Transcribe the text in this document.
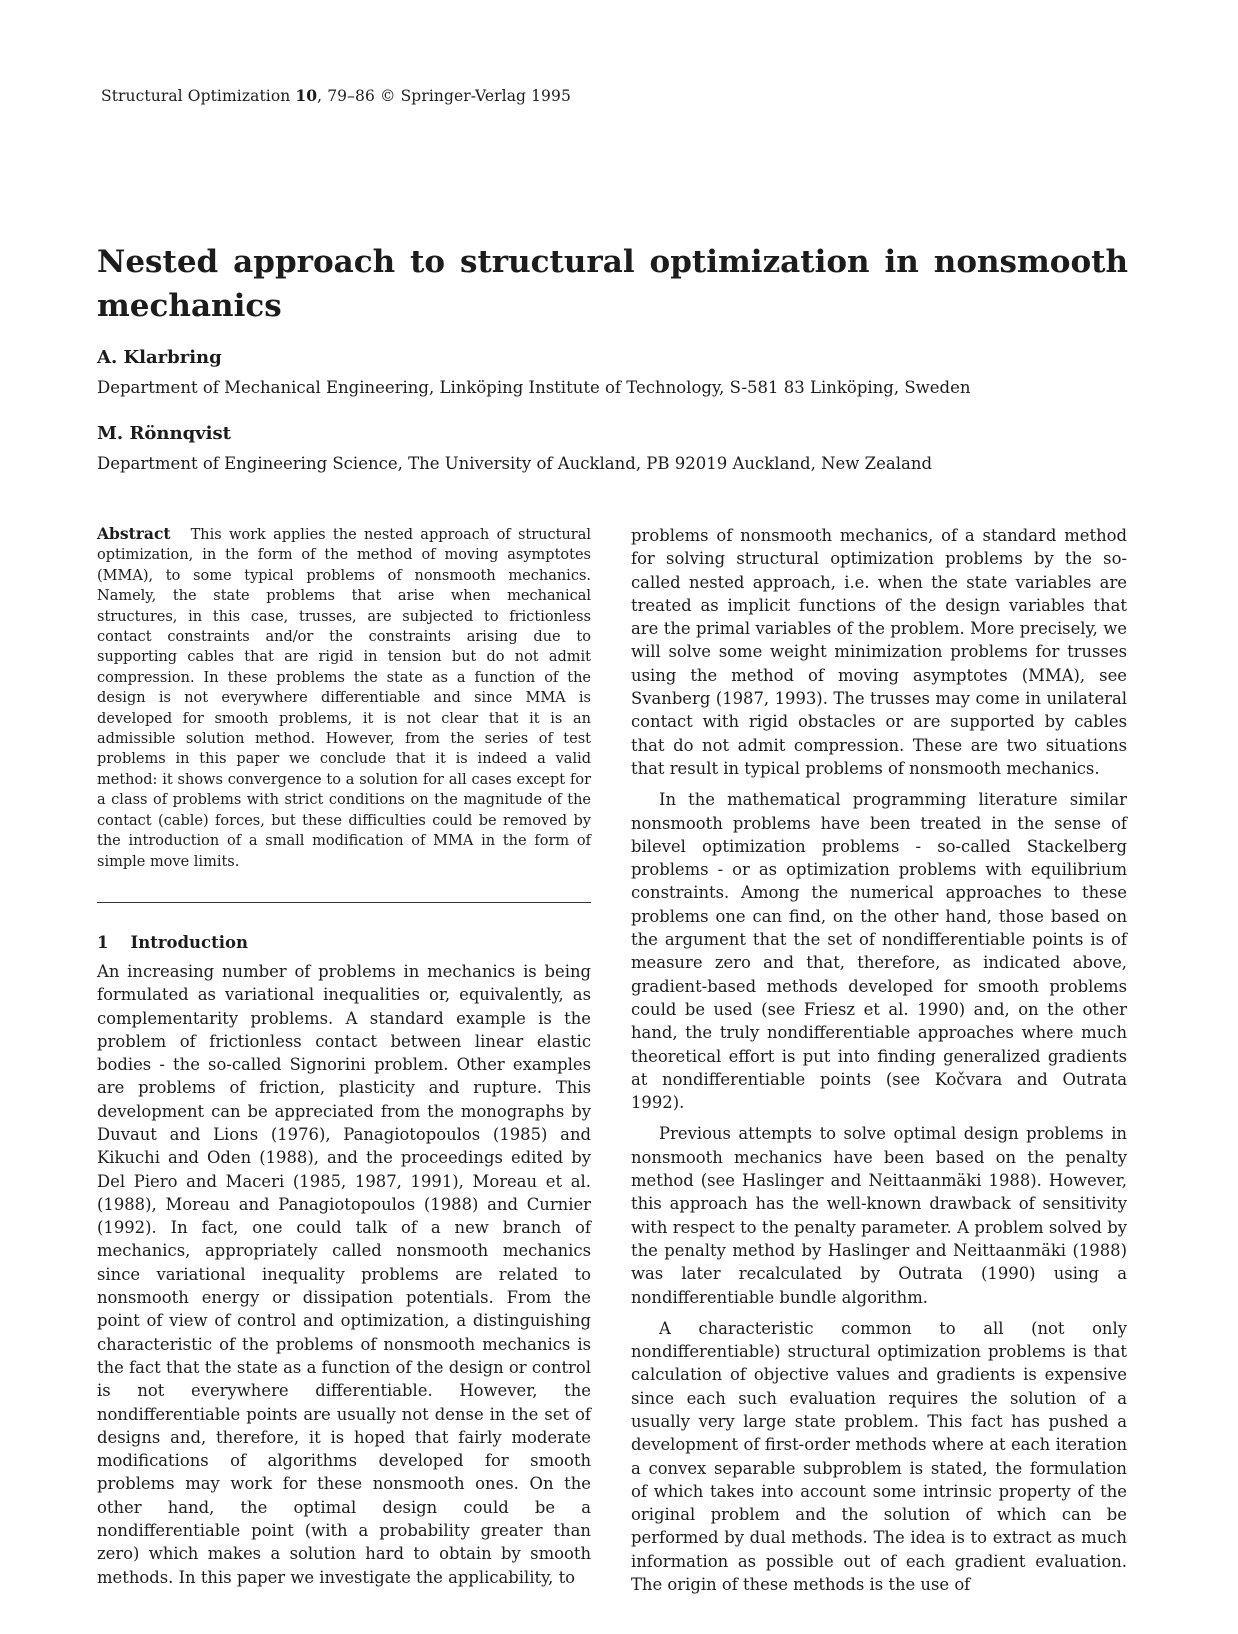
Structural Optimization 10, 79–86 © Springer-Verlag 1995
Nested approach to structural optimization in nonsmooth mechanics

A. Klarbring

Department of Mechanical Engineering, Linköping Institute of Technology, S-581 83 Linköping, Sweden

M. Rönnqvist

Department of Engineering Science, The University of Auckland, PB 92019 Auckland, New Zealand

Abstract This work applies the nested approach of structural optimization, in the form of the method of moving asymptotes (MMA), to some typical problems of nonsmooth mechanics. Namely, the state problems that arise when mechanical structures, in this case, trusses, are subjected to frictionless contact constraints and/or the constraints arising due to supporting cables that are rigid in tension but do not admit compression. In these problems the state as a function of the design is not everywhere differentiable and since MMA is developed for smooth problems, it is not clear that it is an admissible solution method. However, from the series of test problems in this paper we conclude that it is indeed a valid method: it shows convergence to a solution for all cases except for a class of problems with strict conditions on the magnitude of the contact (cable) forces, but these difficulties could be removed by the introduction of a small modification of MMA in the form of simple move limits.

1 Introduction

An increasing number of problems in mechanics is being formulated as variational inequalities or, equivalently, as complementarity problems. A standard example is the problem of frictionless contact between linear elastic bodies - the so-called Signorini problem. Other examples are problems of friction, plasticity and rupture. This development can be appreciated from the monographs by Duvaut and Lions (1976), Panagiotopoulos (1985) and Kikuchi and Oden (1988), and the proceedings edited by Del Piero and Maceri (1985, 1987, 1991), Moreau et al. (1988), Moreau and Panagiotopoulos (1988) and Curnier (1992). In fact, one could talk of a new branch of mechanics, appropriately called nonsmooth mechanics since variational inequality problems are related to nonsmooth energy or dissipation potentials. From the point of view of control and optimization, a distinguishing characteristic of the problems of nonsmooth mechanics is the fact that the state as a function of the design or control is not everywhere differentiable. However, the nondifferentiable points are usually not dense in the set of designs and, therefore, it is hoped that fairly moderate modifications of algorithms developed for smooth problems may work for these nonsmooth ones. On the other hand, the optimal design could be a nondifferentiable point (with a probability greater than zero) which makes a solution hard to obtain by smooth methods. In this paper we investigate the applicability, to

problems of nonsmooth mechanics, of a standard method for solving structural optimization problems by the so-called nested approach, i.e. when the state variables are treated as implicit functions of the design variables that are the primal variables of the problem. More precisely, we will solve some weight minimization problems for trusses using the method of moving asymptotes (MMA), see Svanberg (1987, 1993). The trusses may come in unilateral contact with rigid obstacles or are supported by cables that do not admit compression. These are two situations that result in typical problems of nonsmooth mechanics.

In the mathematical programming literature similar nonsmooth problems have been treated in the sense of bilevel optimization problems - so-called Stackelberg problems - or as optimization problems with equilibrium constraints. Among the numerical approaches to these problems one can find, on the other hand, those based on the argument that the set of nondifferentiable points is of measure zero and that, therefore, as indicated above, gradient-based methods developed for smooth problems could be used (see Friesz et al. 1990) and, on the other hand, the truly nondifferentiable approaches where much theoretical effort is put into finding generalized gradients at nondifferentiable points (see Kočvara and Outrata 1992).

Previous attempts to solve optimal design problems in nonsmooth mechanics have been based on the penalty method (see Haslinger and Neittaanmäki 1988). However, this approach has the well-known drawback of sensitivity with respect to the penalty parameter. A problem solved by the penalty method by Haslinger and Neittaanmäki (1988) was later recalculated by Outrata (1990) using a nondifferentiable bundle algorithm.

A characteristic common to all (not only nondifferentiable) structural optimization problems is that calculation of objective values and gradients is expensive since each such evaluation requires the solution of a usually very large state problem. This fact has pushed a development of first-order methods where at each iteration a convex separable subproblem is stated, the formulation of which takes into account some intrinsic property of the original problem and the solution of which can be performed by dual methods. The idea is to extract as much information as possible out of each gradient evaluation. The origin of these methods is the use of
